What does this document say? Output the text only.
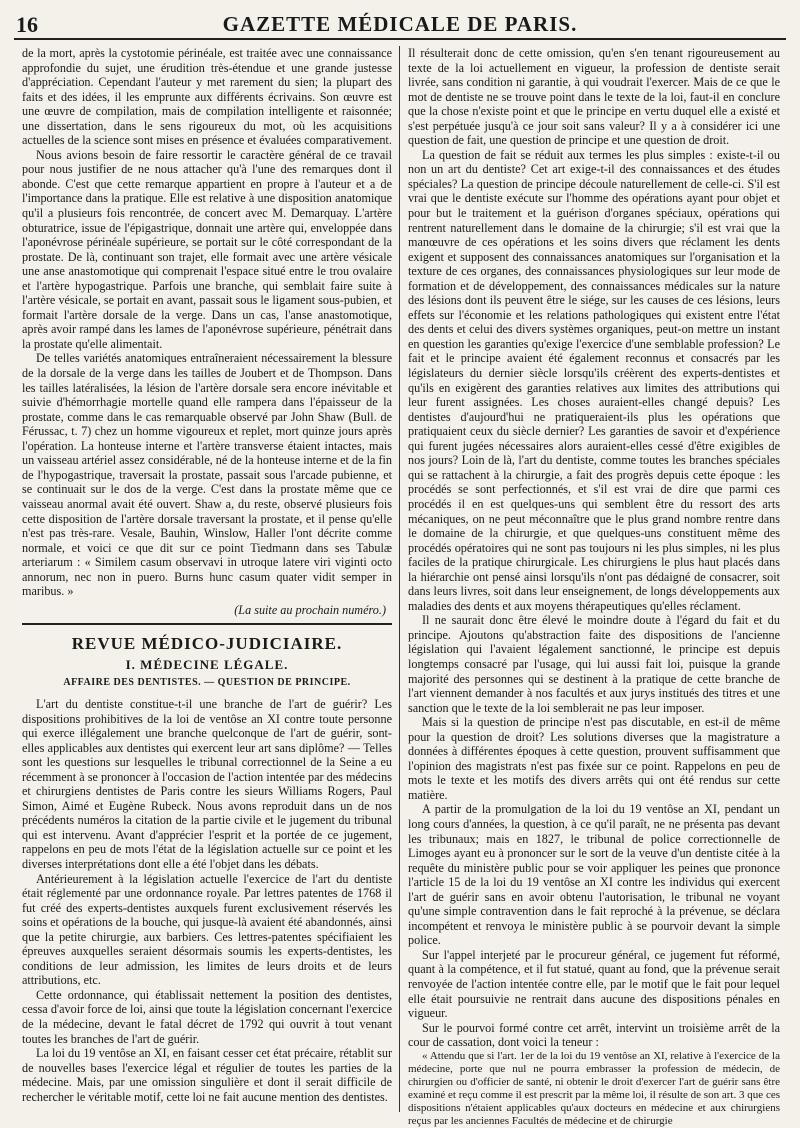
16	GAZETTE MÉDICALE DE PARIS.

de la mort, après la cystotomie périnéale, est traitée avec une connaissance approfondie du sujet, une érudition très-étendue et une grande justesse d'appréciation. Cependant l'auteur y met rarement du sien; la plupart des faits et des idées, il les emprunte aux différents écrivains. Son œuvre est une œuvre de compilation, mais de compilation intelligente et raisonnée; une dissertation, dans le sens rigoureux du mot, où les acquisitions actuelles de la science sont mises en présence et évaluées comparativement.

Nous avions besoin de faire ressortir le caractère général de ce travail pour nous justifier de ne nous attacher qu'à l'une des remarques dont il abonde. C'est que cette remarque appartient en propre à l'auteur et a de l'importance dans la pratique. Elle est relative à une disposition anatomique qu'il a plusieurs fois rencontrée, de concert avec M. Demarquay. L'artère obturatrice, issue de l'épigastrique, donnait une artère qui, enveloppée dans l'aponévrose périnéale supérieure, se portait sur le côté correspondant de la prostate. De là, continuant son trajet, elle formait avec une artère vésicale une anse anastomotique qui comprenait l'espace situé entre le trou ovalaire et l'artère hypogastrique. Parfois une branche, qui semblait faire suite à l'artère vésicale, se portait en avant, passait sous le ligament sous-pubien, et formait l'artère dorsale de la verge. Dans un cas, l'anse anastomotique, après avoir rampé dans les lames de l'aponévrose supérieure, pénétrait dans la prostate qu'elle alimentait.

De telles variétés anatomiques entraîneraient nécessairement la blessure de la dorsale de la verge dans les tailles de Joubert et de Thompson. Dans les tailles latéralisées, la lésion de l'artère dorsale sera encore inévitable et suivie d'hémorrhagie mortelle quand elle rampera dans l'épaisseur de la prostate, comme dans le cas remarquable observé par John Shaw (Bull. de Férussac, t. 7) chez un homme vigoureux et replet, mort quinze jours après l'opération. La honteuse interne et l'artère transverse étaient intactes, mais un vaisseau artériel assez considérable, né de la honteuse interne et de la fin de l'hypogastrique, traversait la prostate, passait sous l'arcade pubienne, et se continuait sur le dos de la verge. C'est dans la prostate même que ce vaisseau anormal avait été ouvert. Shaw a, du reste, observé plusieurs fois cette disposition de l'artère dorsale traversant la prostate, et il pense qu'elle n'est pas très-rare. Vesale, Bauhin, Winslow, Haller l'ont décrite comme normale, et voici ce que dit sur ce point Tiedmann dans ses Tabulæ arteriarum : « Similem casum observavi in utroque latere viri viginti octo annorum, nec non in puero. Burns hunc casum quater vidit semper in maribus. »

(La suite au prochain numéro.)
REVUE MÉDICO-JUDICIAIRE.
I. MÉDECINE LÉGALE.
AFFAIRE DES DENTISTES. — QUESTION DE PRINCIPE.

L'art du dentiste constitue-t-il une branche de l'art de guérir? Les dispositions prohibitives de la loi de ventôse an XI contre toute personne qui exerce illégalement une branche quelconque de l'art de guérir, sont-elles applicables aux dentistes qui exercent leur art sans diplôme? — Telles sont les questions sur lesquelles le tribunal correctionnel de la Seine a eu récemment à se prononcer à l'occasion de l'action intentée par des médecins et chirurgiens dentistes de Paris contre les sieurs Williams Rogers, Paul Simon, Aimé et Eugène Rubeck. Nous avons reproduit dans un de nos précédents numéros la citation de la partie civile et le jugement du tribunal qui est intervenu. Avant d'apprécier l'esprit et la portée de ce jugement, rappelons en peu de mots l'état de la législation actuelle sur ce point et les diverses interprétations dont elle a été l'objet dans les débats.

Antérieurement à la législation actuelle l'exercice de l'art du dentiste était réglementé par une ordonnance royale. Par lettres patentes de 1768 il fut créé des experts-dentistes auxquels furent exclusivement réservés les soins et opérations de la bouche, qui jusque-là avaient été abandonnés, ainsi que la petite chirurgie, aux barbiers. Ces lettres-patentes spécifiaient les épreuves auxquelles seraient désormais soumis les experts-dentistes, les conditions de leur admission, les limites de leurs droits et de leurs attributions, etc.

Cette ordonnance, qui établissait nettement la position des dentistes, cessa d'avoir force de loi, ainsi que toute la législation concernant l'exercice de la médecine, devant le fatal décret de 1792 qui ouvrit à tout venant toutes les branches de l'art de guérir.

La loi du 19 ventôse an XI, en faisant cesser cet état précaire, rétablit sur de nouvelles bases l'exercice légal et régulier de toutes les parties de la médecine. Mais, par une omission singulière et dont il serait difficile de rechercher le véritable motif, cette loi ne fait aucune mention des dentistes.

Il résulterait donc de cette omission, qu'en s'en tenant rigoureusement au texte de la loi actuellement en vigueur, la profession de dentiste serait livrée, sans condition ni garantie, à qui voudrait l'exercer. Mais de ce que le mot de dentiste ne se trouve point dans le texte de la loi, faut-il en conclure que la chose n'existe point et que le principe en vertu duquel elle a existé et s'est perpétuée jusqu'à ce jour soit sans valeur? Il y a à considérer ici une question de fait, une question de principe et une question de droit.

La question de fait se réduit aux termes les plus simples : existe-t-il ou non un art du dentiste? Cet art exige-t-il des connaissances et des études spéciales? La question de principe découle naturellement de celle-ci. S'il est vrai que le dentiste exécute sur l'homme des opérations ayant pour objet et pour but le traitement et la guérison d'organes spéciaux, opérations qui rentrent naturellement dans le domaine de la chirurgie; s'il est vrai que la manœuvre de ces opérations et les soins divers que réclament les dents exigent et supposent des connaissances anatomiques sur l'organisation et la texture de ces organes, des connaissances physiologiques sur leur mode de formation et de développement, des connaissances médicales sur la nature des lésions dont ils peuvent être le siége, sur les causes de ces lésions, leurs effets sur l'économie et les relations pathologiques qui existent entre l'état des dents et celui des divers systèmes organiques, peut-on mettre un instant en question les garanties qu'exige l'exercice d'une semblable profession? Le fait et le principe avaient été également reconnus et consacrés par les législateurs du dernier siècle lorsqu'ils créèrent des experts-dentistes et qu'ils en exigèrent des garanties relatives aux limites des attributions qui leur furent assignées. Les choses auraient-elles changé depuis? Les dentistes d'aujourd'hui ne pratiqueraient-ils plus les opérations que pratiquaient ceux du siècle dernier? Les garanties de savoir et d'expérience qui furent jugées nécessaires alors auraient-elles cessé d'être exigibles de nos jours? Loin de là, l'art du dentiste, comme toutes les branches spéciales qui se rattachent à la chirurgie, a fait des progrès depuis cette époque : les procédés se sont perfectionnés, et s'il est vrai de dire que parmi ces procédés il en est quelques-uns qui semblent être du ressort des arts mécaniques, on ne peut méconnaître que le plus grand nombre rentre dans le domaine de la chirurgie, et que quelques-uns constituent même des procédés opératoires qui ne sont pas toujours ni les plus simples, ni les plus faciles de la pratique chirurgicale. Les chirurgiens le plus haut placés dans la hiérarchie ont pensé ainsi lorsqu'ils n'ont pas dédaigné de consacrer, soit dans leurs livres, soit dans leur enseignement, de longs développements aux maladies des dents et aux moyens thérapeutiques qu'elles réclament.

Il ne saurait donc être élevé le moindre doute à l'égard du fait et du principe. Ajoutons qu'abstraction faite des dispositions de l'ancienne législation qui l'avaient légalement sanctionné, le principe est depuis longtemps consacré par l'usage, qui lui aussi fait loi, puisque la grande majorité des personnes qui se destinent à la pratique de cette branche de l'art viennent demander à nos facultés et aux jurys institués des titres et une sanction que le texte de la loi semblerait ne pas leur imposer.

Mais si la question de principe n'est pas discutable, en est-il de même pour la question de droit? Les solutions diverses que la magistrature a données à différentes époques à cette question, prouvent suffisamment que l'opinion des magistrats n'est pas fixée sur ce point. Rappelons en peu de mots le texte et les motifs des divers arrêts qui ont été rendus sur cette matière.

A partir de la promulgation de la loi du 19 ventôse an XI, pendant un long cours d'années, la question, à ce qu'il paraît, ne ne présenta pas devant les tribunaux; mais en 1827, le tribunal de police correctionnelle de Limoges ayant eu à prononcer sur le sort de la veuve d'un dentiste citée à la requête du ministère public pour se voir appliquer les peines que prononce l'article 15 de la loi du 19 ventôse an XI contre les individus qui exercent l'art de guérir sans en avoir obtenu l'autorisation, le tribunal ne voyant qu'une simple contravention dans le fait reproché à la prévenue, se déclara incompétent et renvoya le ministère public à se pourvoir devant la simple police.

Sur l'appel interjeté par le procureur général, ce jugement fut réformé, quant à la compétence, et il fut statué, quant au fond, que la prévenue serait renvoyée de l'action intentée contre elle, par le motif que le fait pour lequel elle était poursuivie ne rentrait dans aucune des dispositions pénales en vigueur.

Sur le pourvoi formé contre cet arrêt, intervint un troisième arrêt de la cour de cassation, dont voici la teneur :

« Attendu que si l'art. 1er de la loi du 19 ventôse an XI, relative à l'exercice de la médecine, porte que nul ne pourra embrasser la profession de médecin, de chirurgien ou d'officier de santé, ni obtenir le droit d'exercer l'art de guérir sans être examiné et reçu comme il est prescrit par la même loi, il résulte de son art. 3 que ces dispositions n'étaient applicables qu'aux docteurs en médecine et aux chirurgiens reçus par les anciennes Facultés de médecine et de chirurgie
